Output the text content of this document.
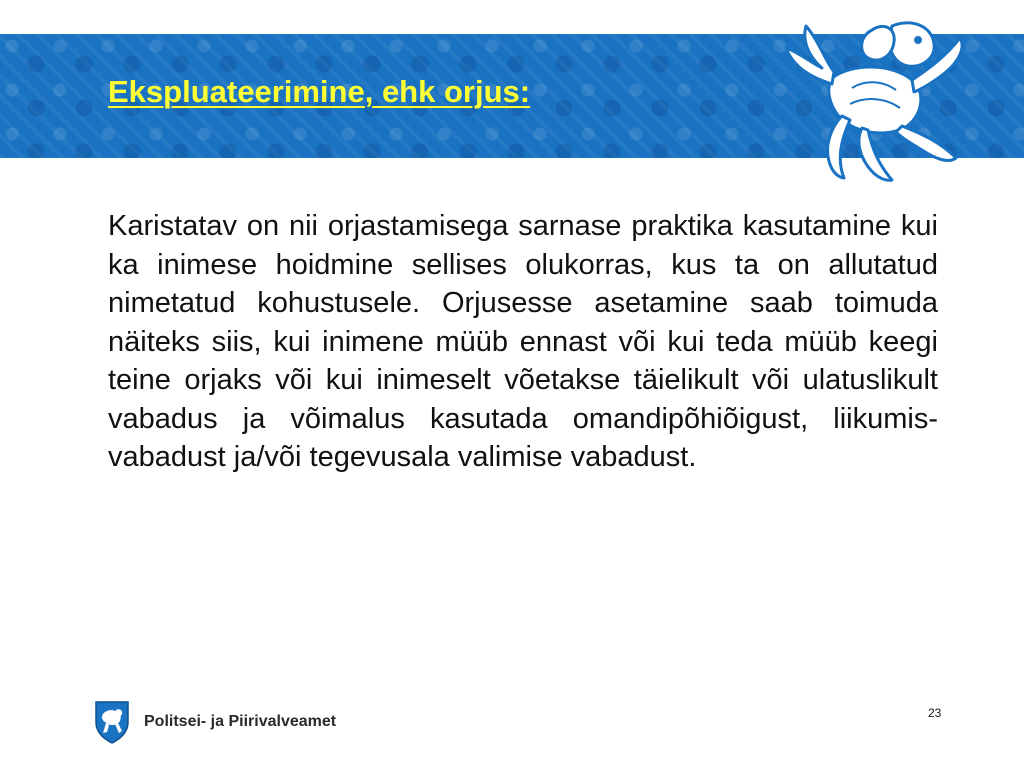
Ekspluateerimine, ehk orjus:

Karistatav on nii orjastamisega sarnase praktika kasutamine kui ka inimese hoidmine sellises olukorras, kus ta on allutatud nimetatud kohustusele. Orjusesse asetamine saab toimuda näiteks siis, kui inimene müüb ennast või kui teda müüb keegi teine orjaks või kui inimeselt võetakse täielikult või ulatuslikult vabadus ja võimalus kasutada omandipõhiõigust, liikumis-vabadust ja/või tegevusala valimise vabadust.

Politsei- ja Piirivalveamet	23
